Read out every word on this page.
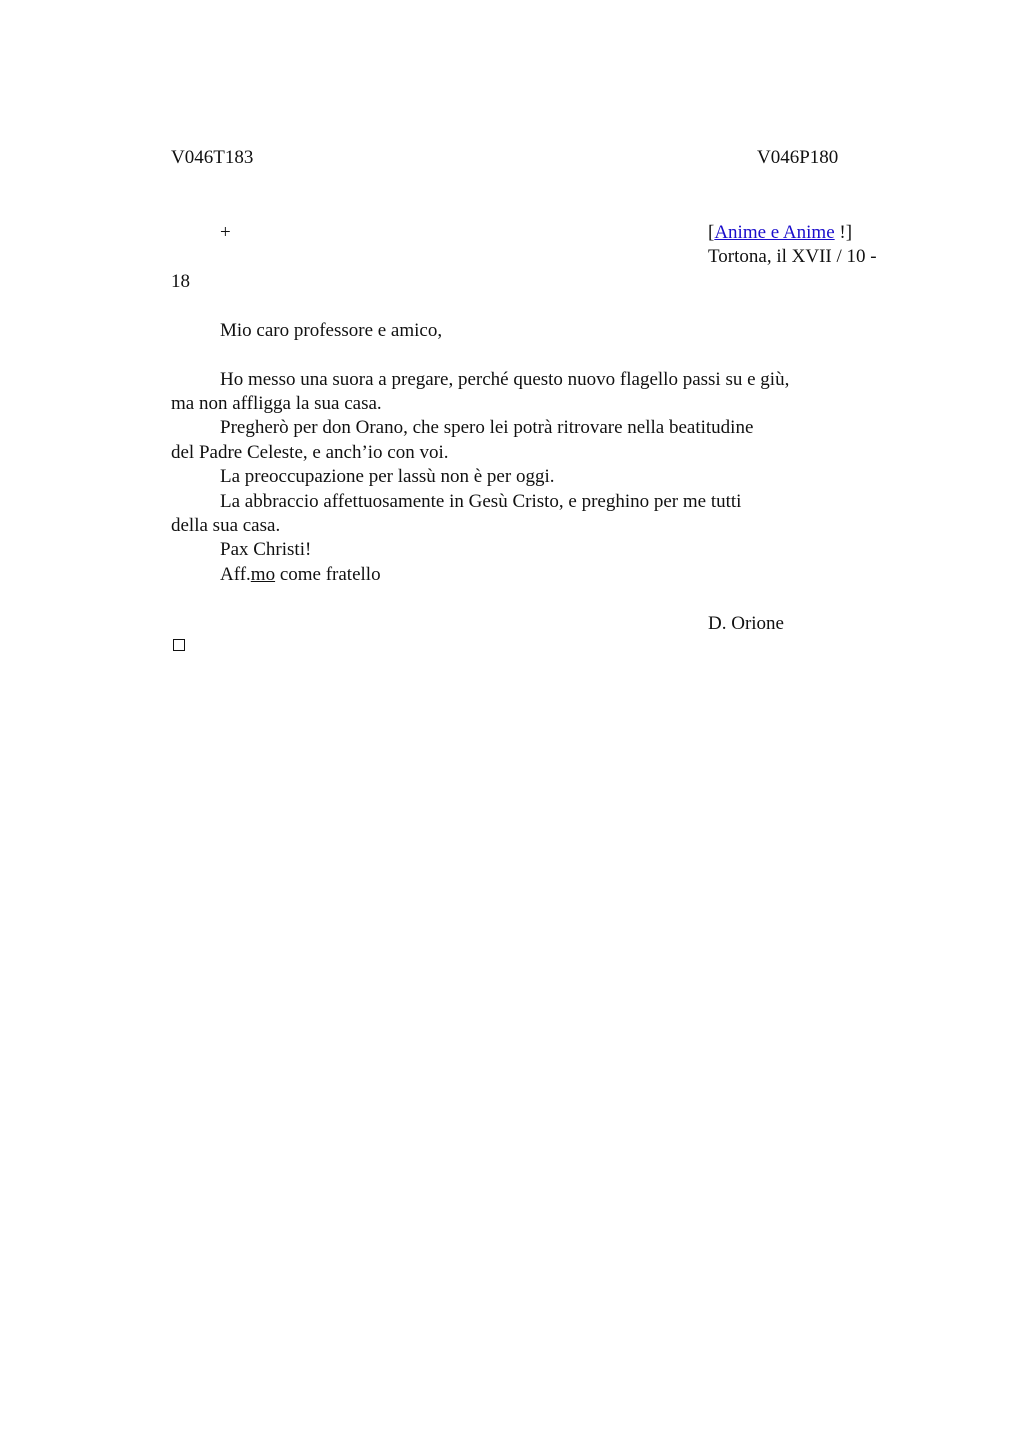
V046T183	V046P180
+	[Anime e Anime !]
Tortona, il XVII / 10 -
18
Mio caro professore e amico,
Ho messo una suora a pregare, perché questo nuovo flagello passi su e giù,
ma non affligga la sua casa.
Pregherò per don Orano, che spero lei potrà ritrovare nella beatitudine
del Padre Celeste, e anch’io con voi.
La preoccupazione per lassù non è per oggi.
La abbraccio affettuosamente in Gesù Cristo, e preghino per me tutti
della sua casa.
Pax Christi!
Aff.mo come fratello
D. Orione
